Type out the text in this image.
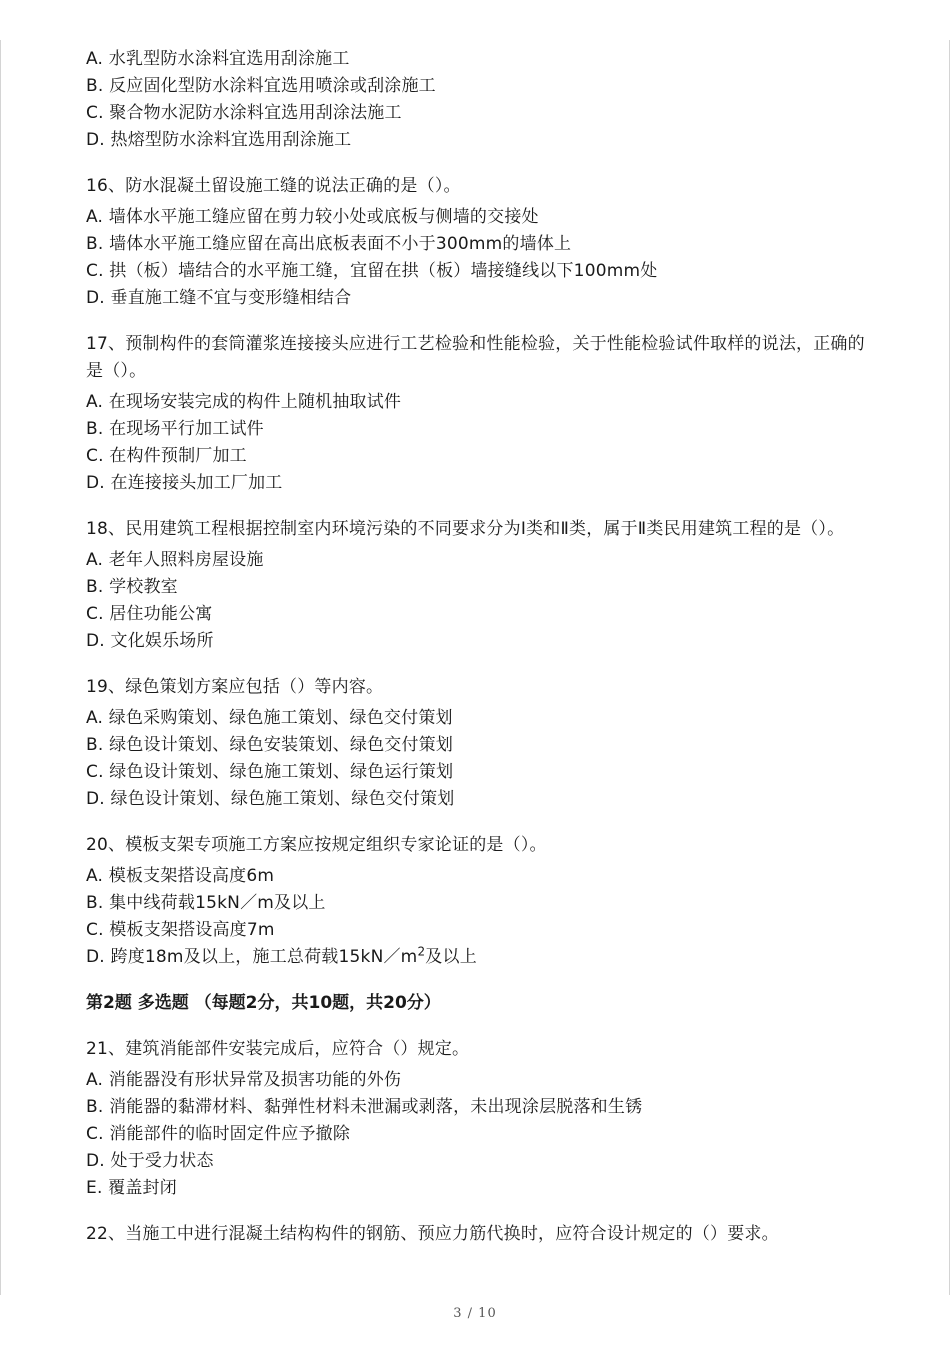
A. 水乳型防水涂料宜选用刮涂施工
B. 反应固化型防水涂料宜选用喷涂或刮涂施工
C. 聚合物水泥防水涂料宜选用刮涂法施工
D. 热熔型防水涂料宜选用刮涂施工
16、防水混凝土留设施工缝的说法正确的是（）。
A. 墙体水平施工缝应留在剪力较小处或底板与侧墙的交接处
B. 墙体水平施工缝应留在高出底板表面不小于300mm的墙体上
C. 拱（板）墙结合的水平施工缝，宜留在拱（板）墙接缝线以下100mm处
D. 垂直施工缝不宜与变形缝相结合
17、预制构件的套筒灌浆连接接头应进行工艺检验和性能检验，关于性能检验试件取样的说法，正确的是（）。
A. 在现场安装完成的构件上随机抽取试件
B. 在现场平行加工试件
C. 在构件预制厂加工
D. 在连接接头加工厂加工
18、民用建筑工程根据控制室内环境污染的不同要求分为Ⅰ类和Ⅱ类，属于Ⅱ类民用建筑工程的是（）。
A. 老年人照料房屋设施
B. 学校教室
C. 居住功能公寓
D. 文化娱乐场所
19、绿色策划方案应包括（）等内容。
A. 绿色采购策划、绿色施工策划、绿色交付策划
B. 绿色设计策划、绿色安装策划、绿色交付策划
C. 绿色设计策划、绿色施工策划、绿色运行策划
D. 绿色设计策划、绿色施工策划、绿色交付策划
20、模板支架专项施工方案应按规定组织专家论证的是（）。
A. 模板支架搭设高度6m
B. 集中线荷载15kN／m及以上
C. 模板支架搭设高度7m
D. 跨度18m及以上，施工总荷载$15kN/m^2$及以上
第2题 多选题 （每题2分，共10题，共20分）
21、建筑消能部件安装完成后，应符合（）规定。
A. 消能器没有形状异常及损害功能的外伤
B. 消能器的黏滞材料、黏弹性材料未泄漏或剥落，未出现涂层脱落和生锈
C. 消能部件的临时固定件应予撤除
D. 处于受力状态
E. 覆盖封闭
22、当施工中进行混凝土结构构件的钢筋、预应力筋代换时，应符合设计规定的（）要求。
3 / 10
